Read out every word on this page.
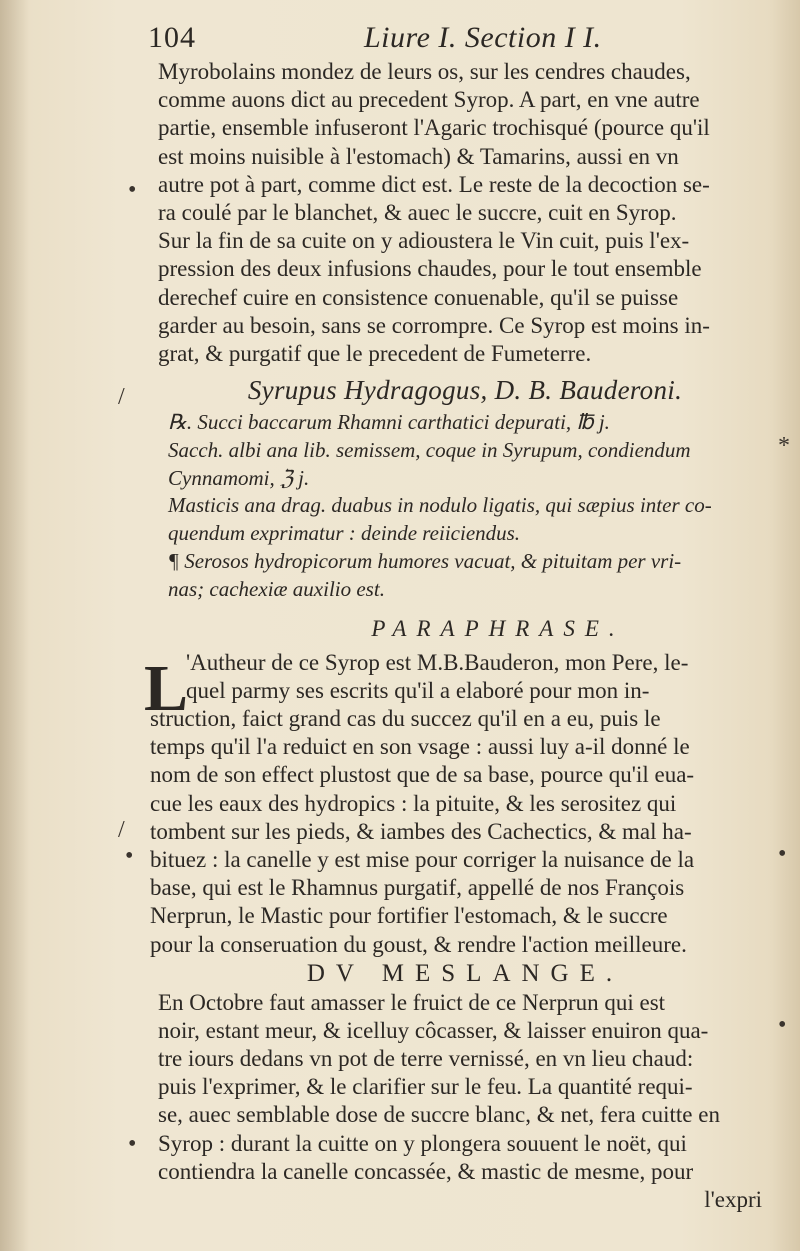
104	Liure I. Section I I.
Myrobolains mondez de leurs os, sur les cendres chaudes,
comme auons dict au precedent Syrop. A part, en vne autre
partie, ensemble infuseront l'Agaric trochisqué (pource qu'il
est moins nuisible à l'estomach) & Tamarins, aussi en vn
autre pot à part, comme dict est. Le reste de la decoction se-
ra coulé par le blanchet, & auec le succre, cuit en Syrop.
Sur la fin de sa cuite on y adioustera le Vin cuit, puis l'ex-
pression des deux infusions chaudes, pour le tout ensemble
derechef cuire en consistence conuenable, qu'il se puisse
garder au besoin, sans se corrompre. Ce Syrop est moins in-
grat, & purgatif que le precedent de Fumeterre.
Syrupus Hydragogus, D. B. Bauderoni.
℞. Succi baccarum Rhamni carthatici depurati, ℔ j.
Sacch. albi ana lib. semissem, coque in Syrupum, condiendum
Cynnamomi, ℨ j.
Masticis ana drag. duabus in nodulo ligatis, qui sæpius inter co-
quendum exprimatur : deinde reiiciendus.
¶ Serosos hydropicorum humores vacuat, & pituitam per vri-
nas; cachexiæ auxilio est.
PARAPHRASE.
L
'Autheur de ce Syrop est M.B.Bauderon, mon Pere, le-
quel parmy ses escrits qu'il a elaboré pour mon in-
struction, faict grand cas du succez qu'il en a eu, puis le
temps qu'il l'a reduict en son vsage : aussi luy a-il donné le
nom de son effect plustost que de sa base, pource qu'il eua-
cue les eaux des hydropics : la pituite, & les serositez qui
tombent sur les pieds, & iambes des Cachectics, & mal ha-
bituez : la canelle y est mise pour corriger la nuisance de la
base, qui est le Rhamnus purgatif, appellé de nos François
Nerprun, le Mastic pour fortifier l'estomach, & le succre
pour la conseruation du goust, & rendre l'action meilleure.
DV MESLANGE.
En Octobre faut amasser le fruict de ce Nerprun qui est
noir, estant meur, & icelluy côcasser, & laisser enuiron qua-
tre iours dedans vn pot de terre vernissé, en vn lieu chaud:
puis l'exprimer, & le clarifier sur le feu. La quantité requi-
se, auec semblable dose de succre blanc, & net, fera cuitte en
Syrop : durant la cuitte on y plongera souuent le noët, qui
contiendra la canelle concassée, & mastic de mesme, pour
l'expri
/
/
•
•
•
*
•
•
